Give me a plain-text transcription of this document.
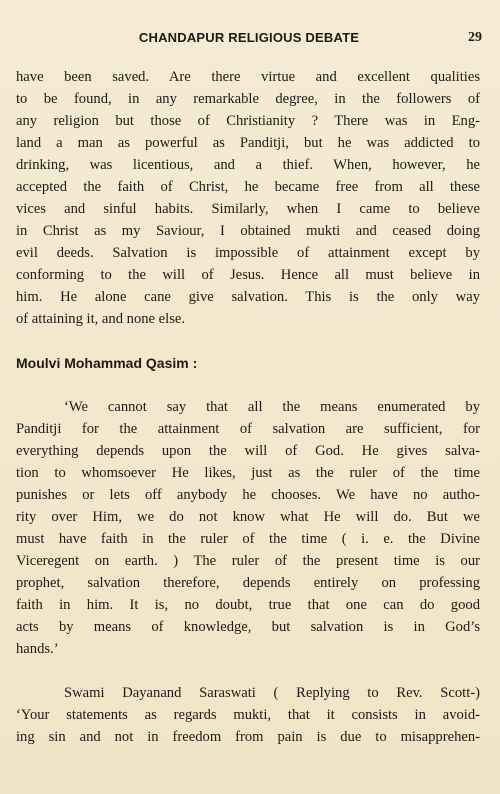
CHANDAPUR RELIGIOUS DEBATE	29
have been saved. Are there virtue and excellent qualities
to be found, in any remarkable degree, in the followers of
any religion but those of Christianity ? There was in Eng-
land a man as powerful as Panditji, but he was addicted to
drinking, was licentious, and a thief. When, however, he
accepted the faith of Christ, he became free from all these
vices and sinful habits. Similarly, when I came to believe
in Christ as my Saviour, I obtained mukti and ceased doing
evil deeds. Salvation is impossible of attainment except by
conforming to the will of Jesus. Hence all must believe in
him. He alone cane give salvation. This is the only way
of attaining it, and none else.

Moulvi Mohammad Qasim :

‘We cannot say that all the means enumerated by
Panditji for the attainment of salvation are sufficient, for
everything depends upon the will of God. He gives salva-
tion to whomsoever He likes, just as the ruler of the time
punishes or lets off anybody he chooses. We have no autho-
rity over Him, we do not know what He will do. But we
must have faith in the ruler of the time ( i. e. the Divine
Viceregent on earth. ) The ruler of the present time is our
prophet, salvation therefore, depends entirely on professing
faith in him. It is, no doubt, true that one can do good
acts by means of knowledge, but salvation is in God’s
hands.’
Swami Dayanand Saraswati ( Replying to Rev. Scott-)
‘Your statements as regards mukti, that it consists in avoid-
ing sin and not in freedom from pain is due to misapprehen-
